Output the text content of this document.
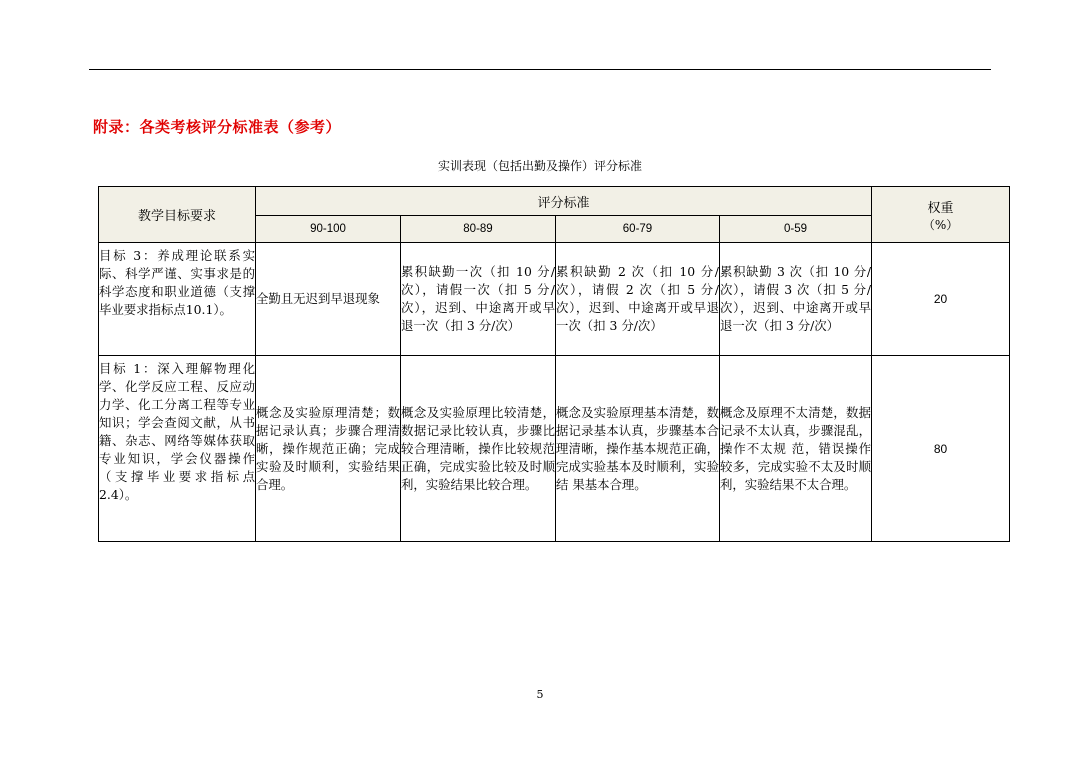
附录：各类考核评分标准表（参考）
实训表现（包括出勤及操作）评分标准
教学目标要求	评分标准				权重
（%）

	90-100	80-89	60-79	0-59	
目标 3：养成理论联系实际、科学严谨、实事求是的科学态度和职业道德（支撑毕业要求指标点10.1）。	全勤且无迟到早退现象	累积缺勤一次（扣 10 分/次），请假一次（扣 5 分/次），迟到、中途离开或早退一次（扣 3 分/次）	累积缺勤 2 次（扣 10 分/次），请假 2 次（扣 5 分/次），迟到、中途离开或早退一次（扣 3 分/次）	累积缺勤 3 次（扣 10 分/次），请假 3 次（扣 5 分/次），迟到、中途离开或早退一次（扣 3 分/次）	20
目标 1：深入理解物理化学、化学反应工程、反应动力学、化工分离工程等专业知识；学会查阅文献，从书籍、杂志、网络等媒体获取专业知识，学会仪器操作（支撑毕业要求指标点 2.4）。	概念及实验原理清楚；数据记录认真；步骤合理清晰，操作规范正确；完成实验及时顺利，实验结果合理。	概念及实验原理比较清楚，数据记录比较认真，步骤比 较合理清晰，操作比较规范正确，完成实验比较及时顺利，实验结果比较合理。	概念及实验原理基本清楚，数据记录基本认真，步骤基本合理清晰，操作基本规范正确，完成实验基本及时顺利，实验结 果基本合理。	概念及原理不太清楚，数据记录不太认真，步骤混乱，操作不太规 范，错误操作较多，完成实验不太及时顺利，实验结果不太合理。	80
5
